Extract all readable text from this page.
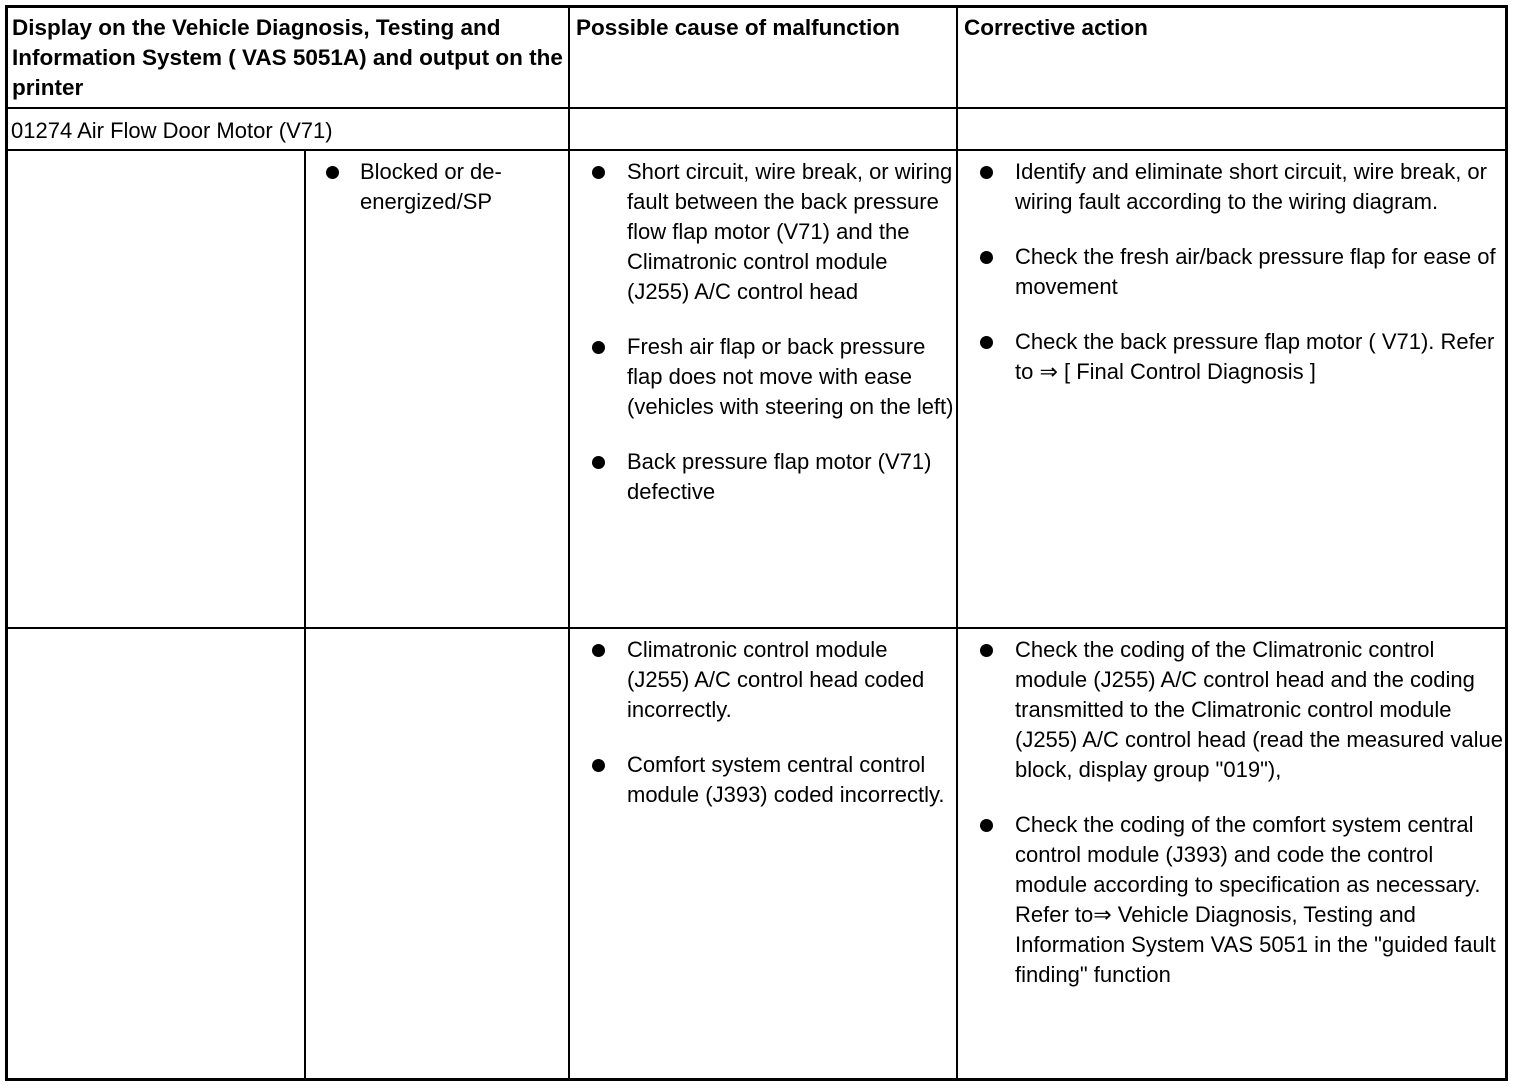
Display on the Vehicle Diagnosis, Testing and Information System ( VAS 5051A) and output on the printer
Possible cause of malfunction	Corrective action
01274 Air Flow Door Motor (V71)
Blocked or de-energized/SP
Short circuit, wire break, or wiring fault between the back pressure flow flap motor (V71) and the Climatronic control module (J255) A/C control head
Fresh air flap or back pressure flap does not move with ease (vehicles with steering on the left)
Back pressure flap motor (V71) defective
Identify and eliminate short circuit, wire break, or wiring fault according to the wiring diagram.
Check the fresh air/back pressure flap for ease of movement
Check the back pressure flap motor ( V71). Refer to ⇒ [ Final Control Diagnosis ]
Climatronic control module (J255) A/C control head coded incorrectly.
Comfort system central control module (J393) coded incorrectly.
Check the coding of the Climatronic control module (J255) A/C control head and the coding transmitted to the Climatronic control module (J255) A/C control head (read the measured value block, display group "019"),
Check the coding of the comfort system central control module (J393) and code the control module according to specification as necessary. Refer to⇒ Vehicle Diagnosis, Testing and Information System VAS 5051 in the "guided fault finding" function
